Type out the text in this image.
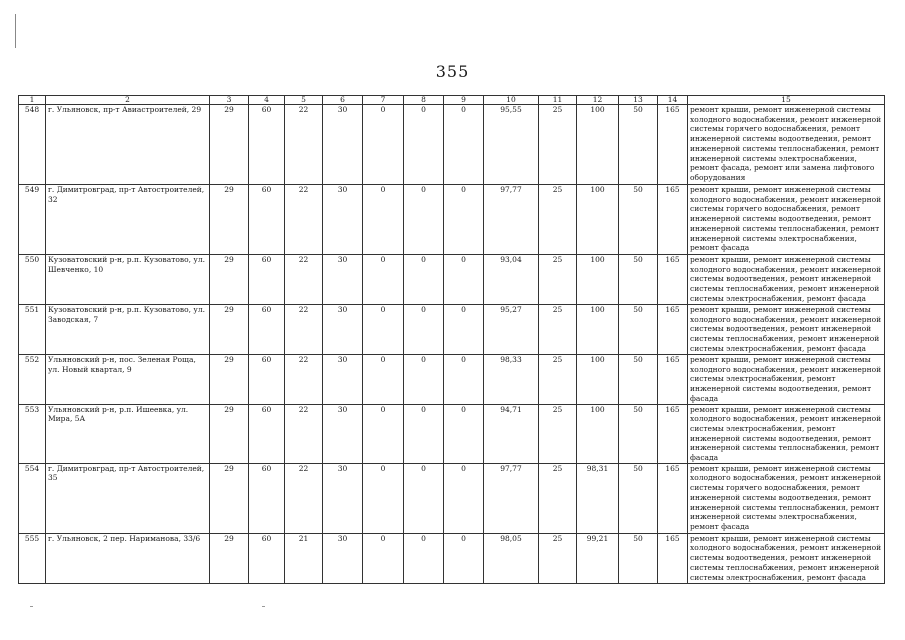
355
1	2	3	4	5	6	7	8	9	10	11	12	13	14	15
548	г. Ульяновск, пр-т Авиастроителей, 29	29	60	22	30	0	0	0	95,55	25	100	50	165	ремонт крыши, ремонт инженерной системы холодного водоснабжения, ремонт инженерной системы горячего водоснабжения, ремонт инженерной системы водоотведения, ремонт инженерной системы теплоснабжения, ремонт инженерной системы электроснабжения, ремонт фасада, ремонт или замена лифтового оборудования
549	г. Димитровград, пр-т Автостроителей, 32	29	60	22	30	0	0	0	97,77	25	100	50	165	ремонт крыши, ремонт инженерной системы холодного водоснабжения, ремонт инженерной системы горячего водоснабжения, ремонт инженерной системы водоотведения, ремонт инженерной системы теплоснабжения, ремонт инженерной системы электроснабжения, ремонт фасада
550	Кузоватовский р-н, р.п. Кузоватово, ул. Шевченко, 10	29	60	22	30	0	0	0	93,04	25	100	50	165	ремонт крыши, ремонт инженерной системы холодного водоснабжения, ремонт инженерной системы водоотведения, ремонт инженерной системы теплоснабжения, ремонт инженерной системы электроснабжения, ремонт фасада
551	Кузоватовский р-н, р.п. Кузоватово, ул. Заводская, 7	29	60	22	30	0	0	0	95,27	25	100	50	165	ремонт крыши, ремонт инженерной системы холодного водоснабжения, ремонт инженерной системы водоотведения, ремонт инженерной системы теплоснабжения, ремонт инженерной системы электроснабжения, ремонт фасада
552	Ульяновский р-н, пос. Зеленая Роща, ул. Новый квартал, 9	29	60	22	30	0	0	0	98,33	25	100	50	165	ремонт крыши, ремонт инженерной системы холодного водоснабжения, ремонт инженерной системы электроснабжения, ремонт инженерной системы водоотведения, ремонт фасада
553	Ульяновский р-н, р.п. Ишеевка, ул. Мира, 5А	29	60	22	30	0	0	0	94,71	25	100	50	165	ремонт крыши, ремонт инженерной системы холодного водоснабжения, ремонт инженерной системы электроснабжения, ремонт инженерной системы водоотведения, ремонт инженерной системы теплоснабжения, ремонт фасада
554	г. Димитровград, пр-т Автостроителей, 35	29	60	22	30	0	0	0	97,77	25	98,31	50	165	ремонт крыши, ремонт инженерной системы холодного водоснабжения, ремонт инженерной системы горячего водоснабжения, ремонт инженерной системы водоотведения, ремонт инженерной системы теплоснабжения, ремонт инженерной системы электроснабжения, ремонт фасада
555	г. Ульяновск, 2 пер. Нариманова, 33/6	29	60	21	30	0	0	0	98,05	25	99,21	50	165	ремонт крыши, ремонт инженерной системы холодного водоснабжения, ремонт инженерной системы водоотведения, ремонт инженерной системы теплоснабжения, ремонт инженерной системы электроснабжения, ремонт фасада
